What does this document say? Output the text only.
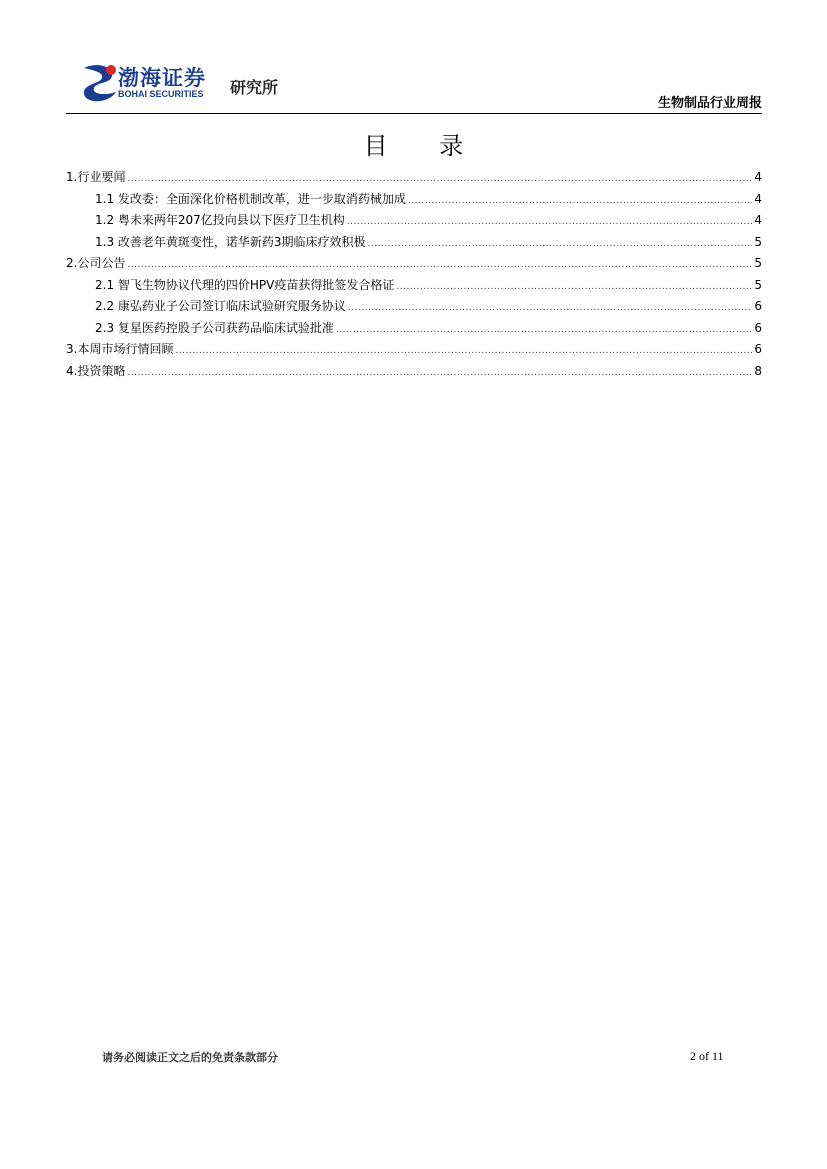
渤海证券
BOHAI SECURITIES 研究所
生物制品行业周报
目 录
1.行业要闻 .....	4
1.1 发改委：全面深化价格机制改革，进一步取消药械加成 .....	4
1.2 粤未来两年207亿投向县以下医疗卫生机构 .....	4
1.3 改善老年黄斑变性，诺华新药3期临床疗效积极 .....	5
2.公司公告 .....	5
2.1 智飞生物协议代理的四价HPV疫苗获得批签发合格证 .....	5
2.2 康弘药业子公司签订临床试验研究服务协议 .....	6
2.3 复星医药控股子公司获药品临床试验批准 .....	6
3.本周市场行情回顾 .....	6
4.投资策略 .....	8
请务必阅读正文之后的免责条款部分	2 of 11
